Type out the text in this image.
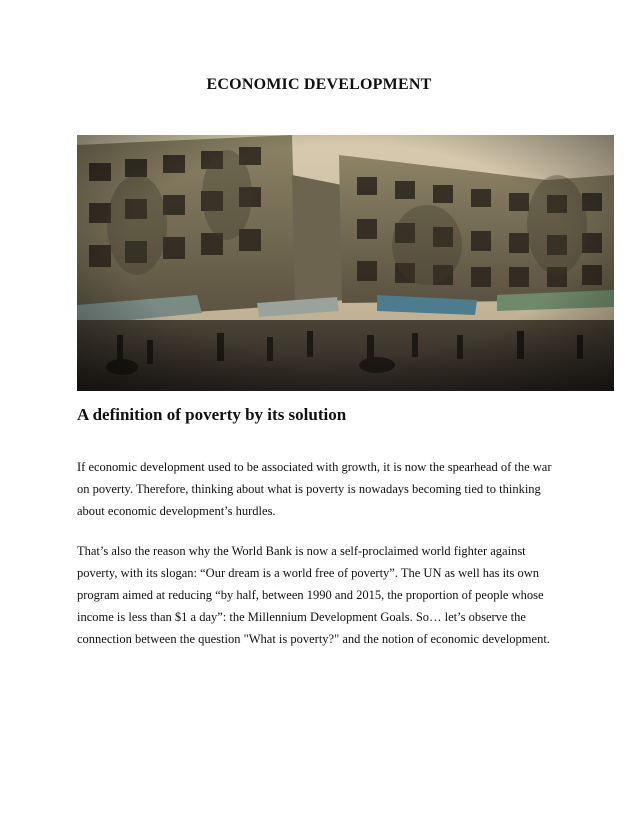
ECONOMIC DEVELOPMENT
A definition of poverty by its solution

If economic development used to be associated with growth, it is now the spearhead of the war on poverty. Therefore, thinking about what is poverty is nowadays becoming tied to thinking about economic development’s hurdles.

That’s also the reason why the World Bank is now a self-proclaimed world fighter against poverty, with its slogan: “Our dream is a world free of poverty”. The UN as well has its own program aimed at reducing “by half, between 1990 and 2015, the proportion of people whose income is less than $1 a day”: the Millennium Development Goals. So… let’s observe the connection between the question "What is poverty?" and the notion of economic development.
